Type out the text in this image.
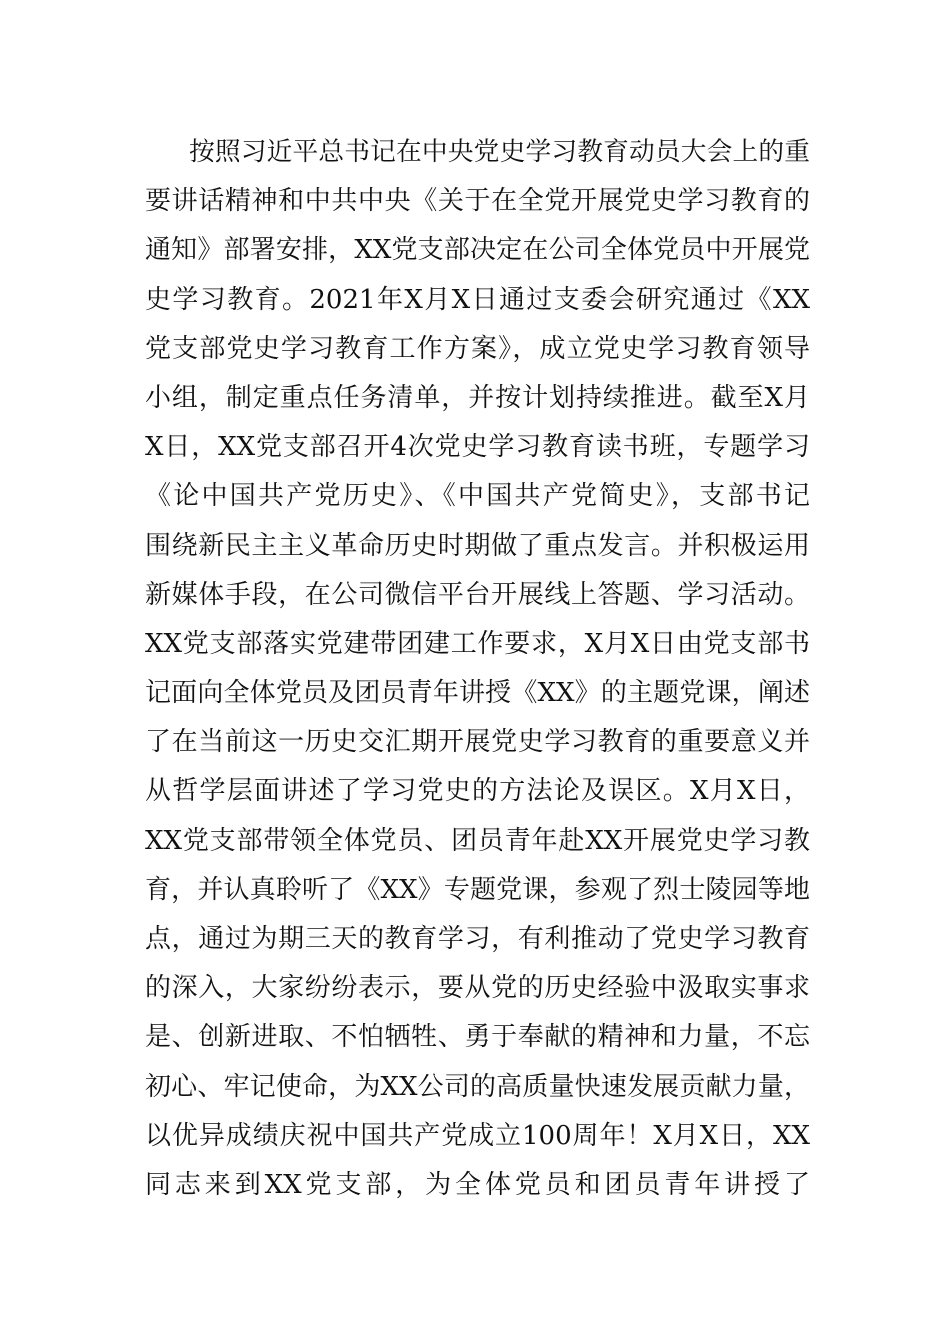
按照习近平总书记在中央党史学习教育动员大会上的重
要讲话精神和中共中央《关于在全党开展党史学习教育的
通知》部署安排，XX党支部决定在公司全体党员中开展党
史学习教育。2021年X月X日通过支委会研究通过《XX
党支部党史学习教育工作方案》，成立党史学习教育领导
小组，制定重点任务清单，并按计划持续推进。截至X月
X日，XX党支部召开4次党史学习教育读书班，专题学习
《论中国共产党历史》、《中国共产党简史》，支部书记
围绕新民主主义革命历史时期做了重点发言。并积极运用
新媒体手段，在公司微信平台开展线上答题、学习活动。
XX党支部落实党建带团建工作要求，X月X日由党支部书
记面向全体党员及团员青年讲授《XX》的主题党课，阐述
了在当前这一历史交汇期开展党史学习教育的重要意义并
从哲学层面讲述了学习党史的方法论及误区。X月X日，
XX党支部带领全体党员、团员青年赴XX开展党史学习教
育，并认真聆听了《XX》专题党课，参观了烈士陵园等地
点，通过为期三天的教育学习，有利推动了党史学习教育
的深入，大家纷纷表示，要从党的历史经验中汲取实事求
是、创新进取、不怕牺牲、勇于奉献的精神和力量，不忘
初心、牢记使命，为XX公司的高质量快速发展贡献力量，
以优异成绩庆祝中国共产党成立100周年！X月X日，XX
同志来到XX党支部，为全体党员和团员青年讲授了
